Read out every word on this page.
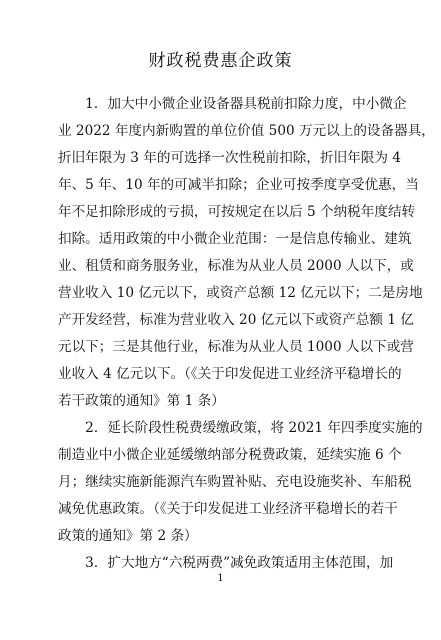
财政税费惠企政策
　　1．加大中小微企业设备器具税前扣除力度，中小微企
业 2022 年度内新购置的单位价值 500 万元以上的设备器具，
折旧年限为 3 年的可选择一次性税前扣除，折旧年限为 4
年、5 年、10 年的可减半扣除；企业可按季度享受优惠，当
年不足扣除形成的亏损，可按规定在以后 5 个纳税年度结转
扣除。适用政策的中小微企业范围：一是信息传输业、建筑
业、租赁和商务服务业，标准为从业人员 2000 人以下，或
营业收入 10 亿元以下，或资产总额 12 亿元以下；二是房地
产开发经营，标准为营业收入 20 亿元以下或资产总额 1 亿
元以下；三是其他行业，标准为从业人员 1000 人以下或营
业收入 4 亿元以下。（《关于印发促进工业经济平稳增长的
若干政策的通知》第 1 条）
　　2．延长阶段性税费缓缴政策，将 2021 年四季度实施的
制造业中小微企业延缓缴纳部分税费政策，延续实施 6 个
月；继续实施新能源汽车购置补贴、充电设施奖补、车船税
减免优惠政策。（《关于印发促进工业经济平稳增长的若干
政策的通知》第 2 条）
　　3．扩大地方“六税两费”减免政策适用主体范围，加
1
